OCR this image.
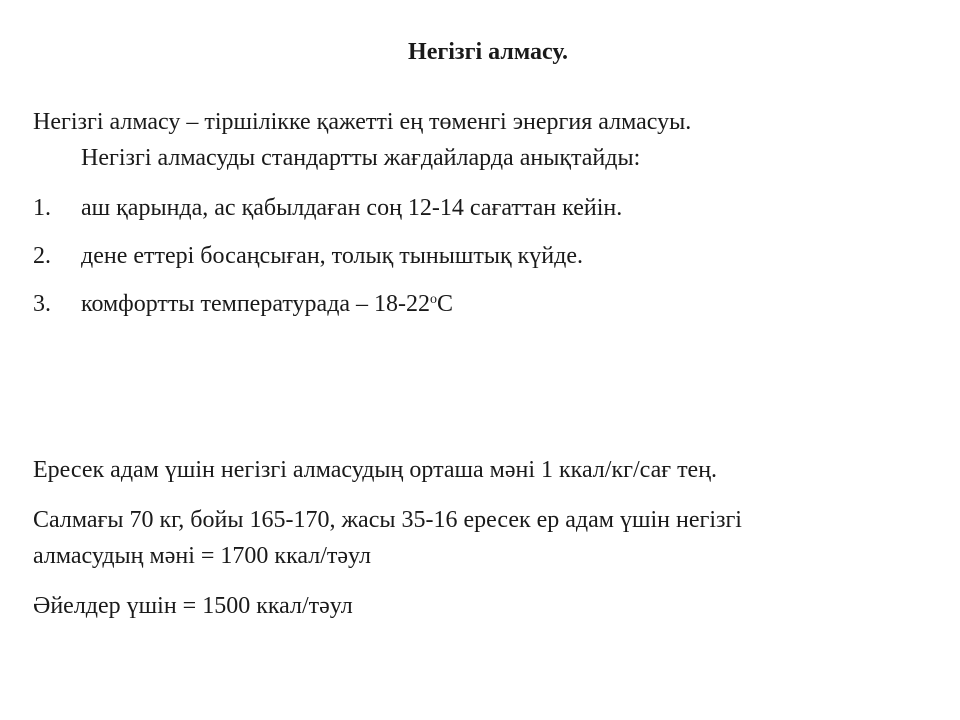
Негізгі алмасу.
Негізгі алмасу – тіршілікке қажетті ең төменгі энергия алмасуы.
Негізгі алмасуды стандартты жағдайларда анықтайды:
1. аш қарында, ас қабылдаған соң 12-14 сағаттан кейін.
2. дене еттері босаңсыған, толық тыныштық күйде.
3. комфортты температурада – 18-22$^o$С
Ересек адам үшін негізгі алмасудың орташа мәні 1 ккал/кг/сағ тең.
Салмағы 70 кг, бойы 165-170, жасы 35-16 ересек ер адам үшін негізгі
алмасудың мәні = 1700 ккал/тәул
Әйелдер үшін = 1500 ккал/тәул
